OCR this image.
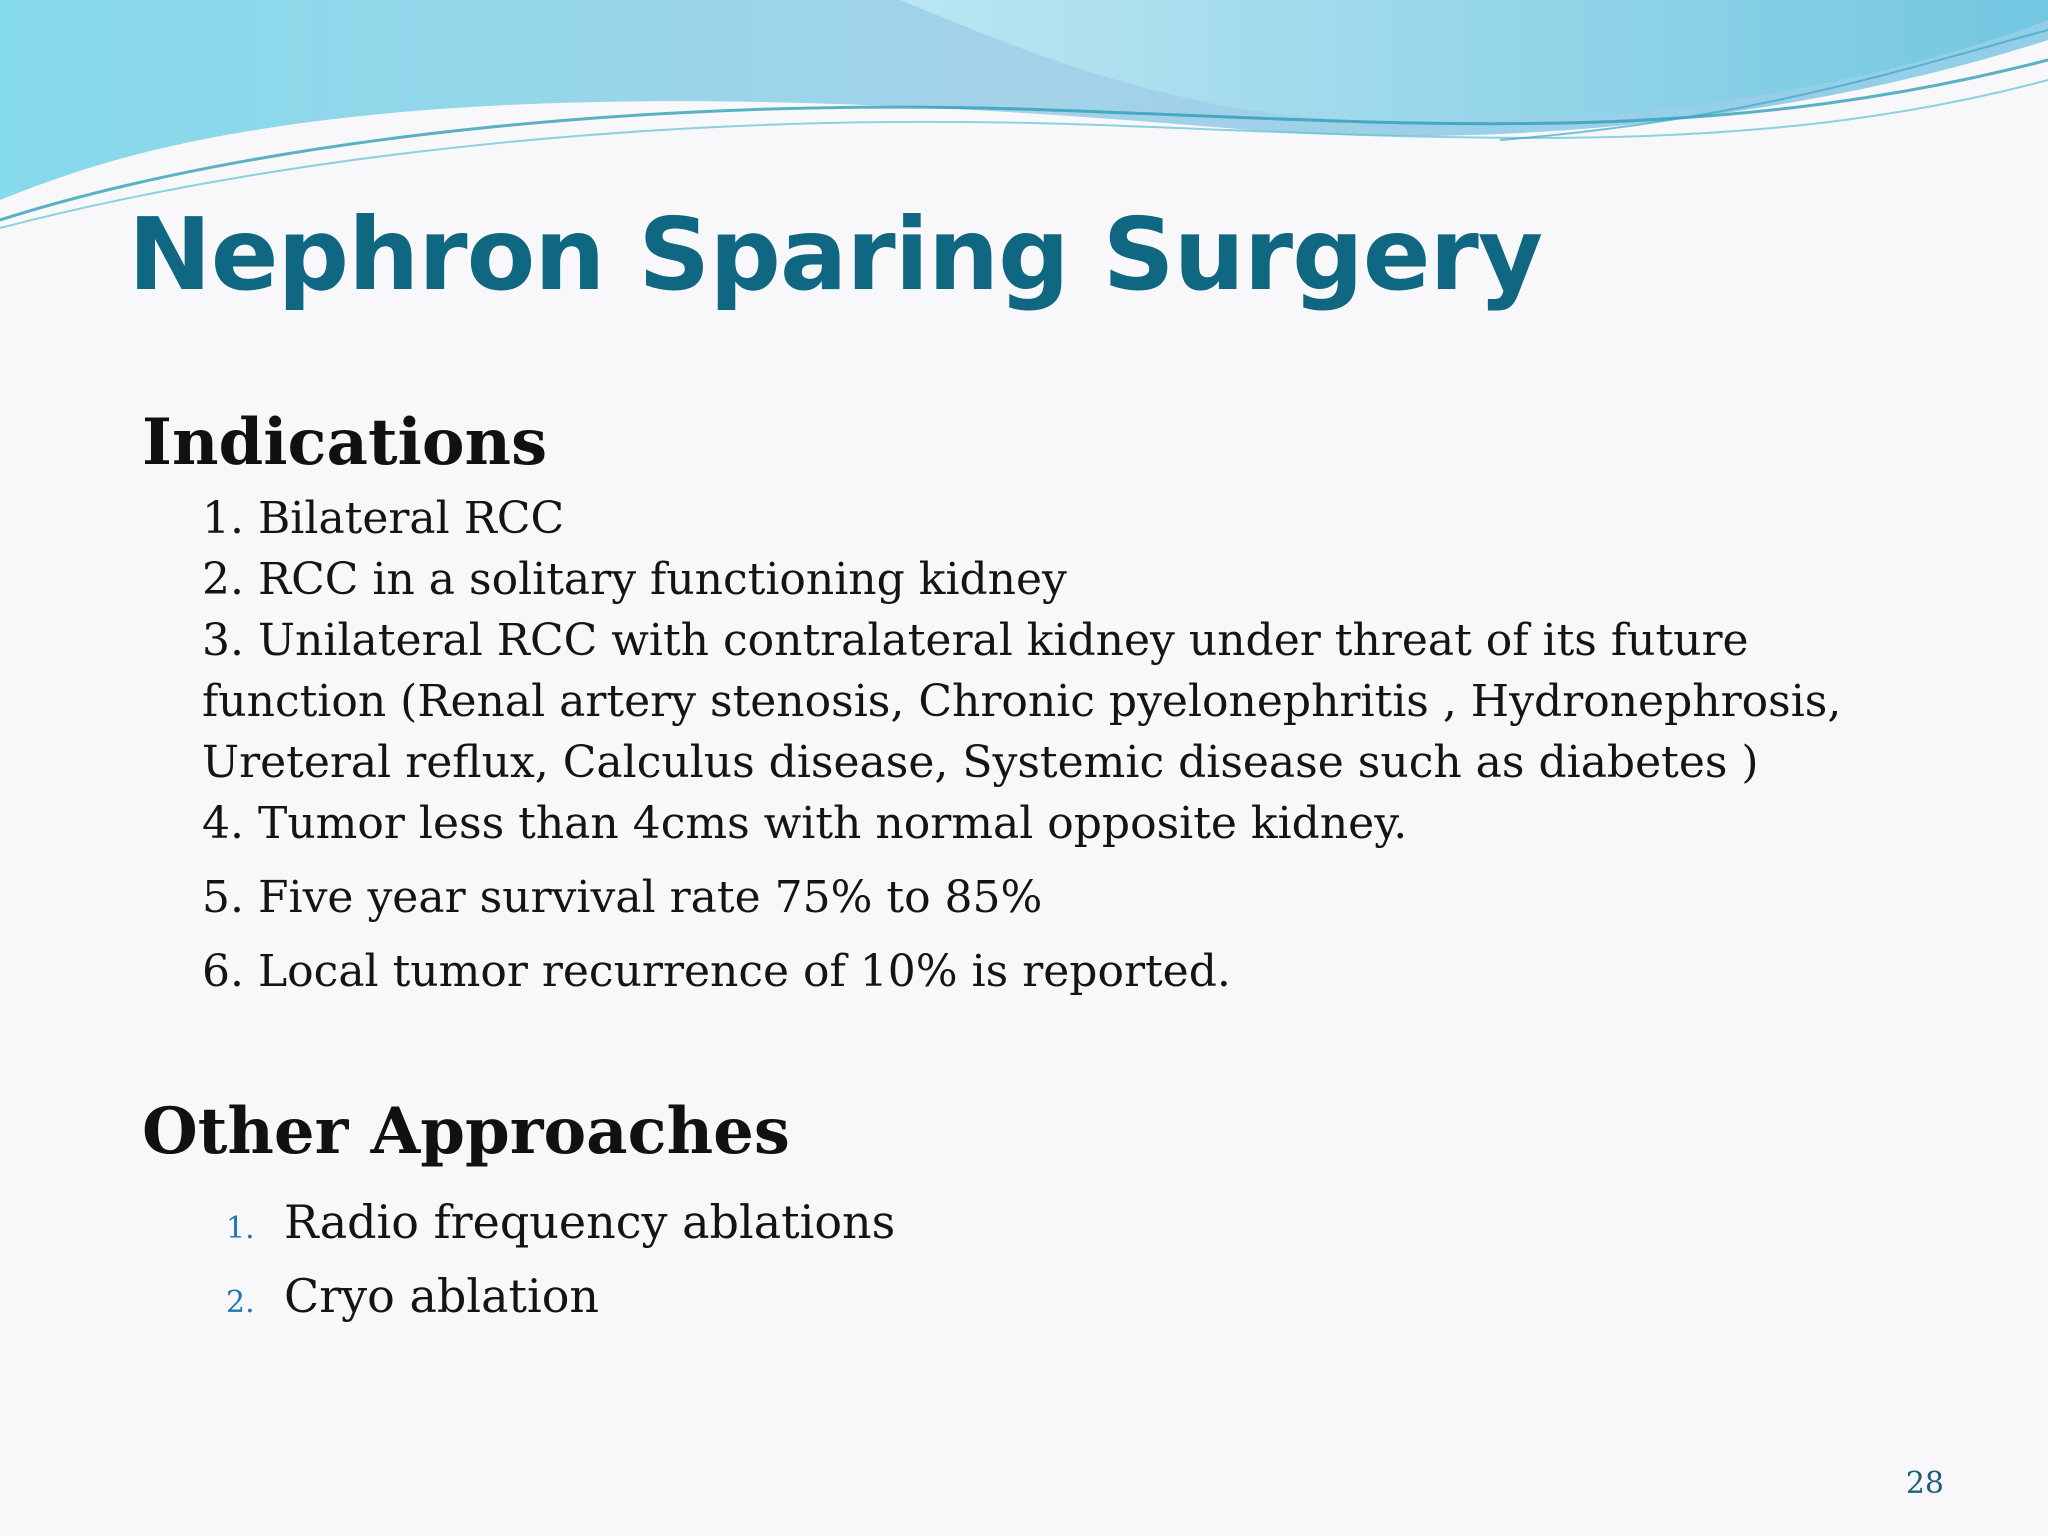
Nephron Sparing Surgery
Indications
1. Bilateral RCC
2. RCC in a solitary functioning kidney
3. Unilateral RCC with contralateral kidney under threat of its future function (Renal artery stenosis, Chronic pyelonephritis , Hydronephrosis, Ureteral reflux, Calculus disease, Systemic disease such as diabetes )
4. Tumor less than 4cms with normal opposite kidney.
5. Five year survival rate 75% to 85%
6. Local tumor recurrence of 10% is reported.
Other Approaches
1. Radio frequency ablations
2. Cryo ablation
28
